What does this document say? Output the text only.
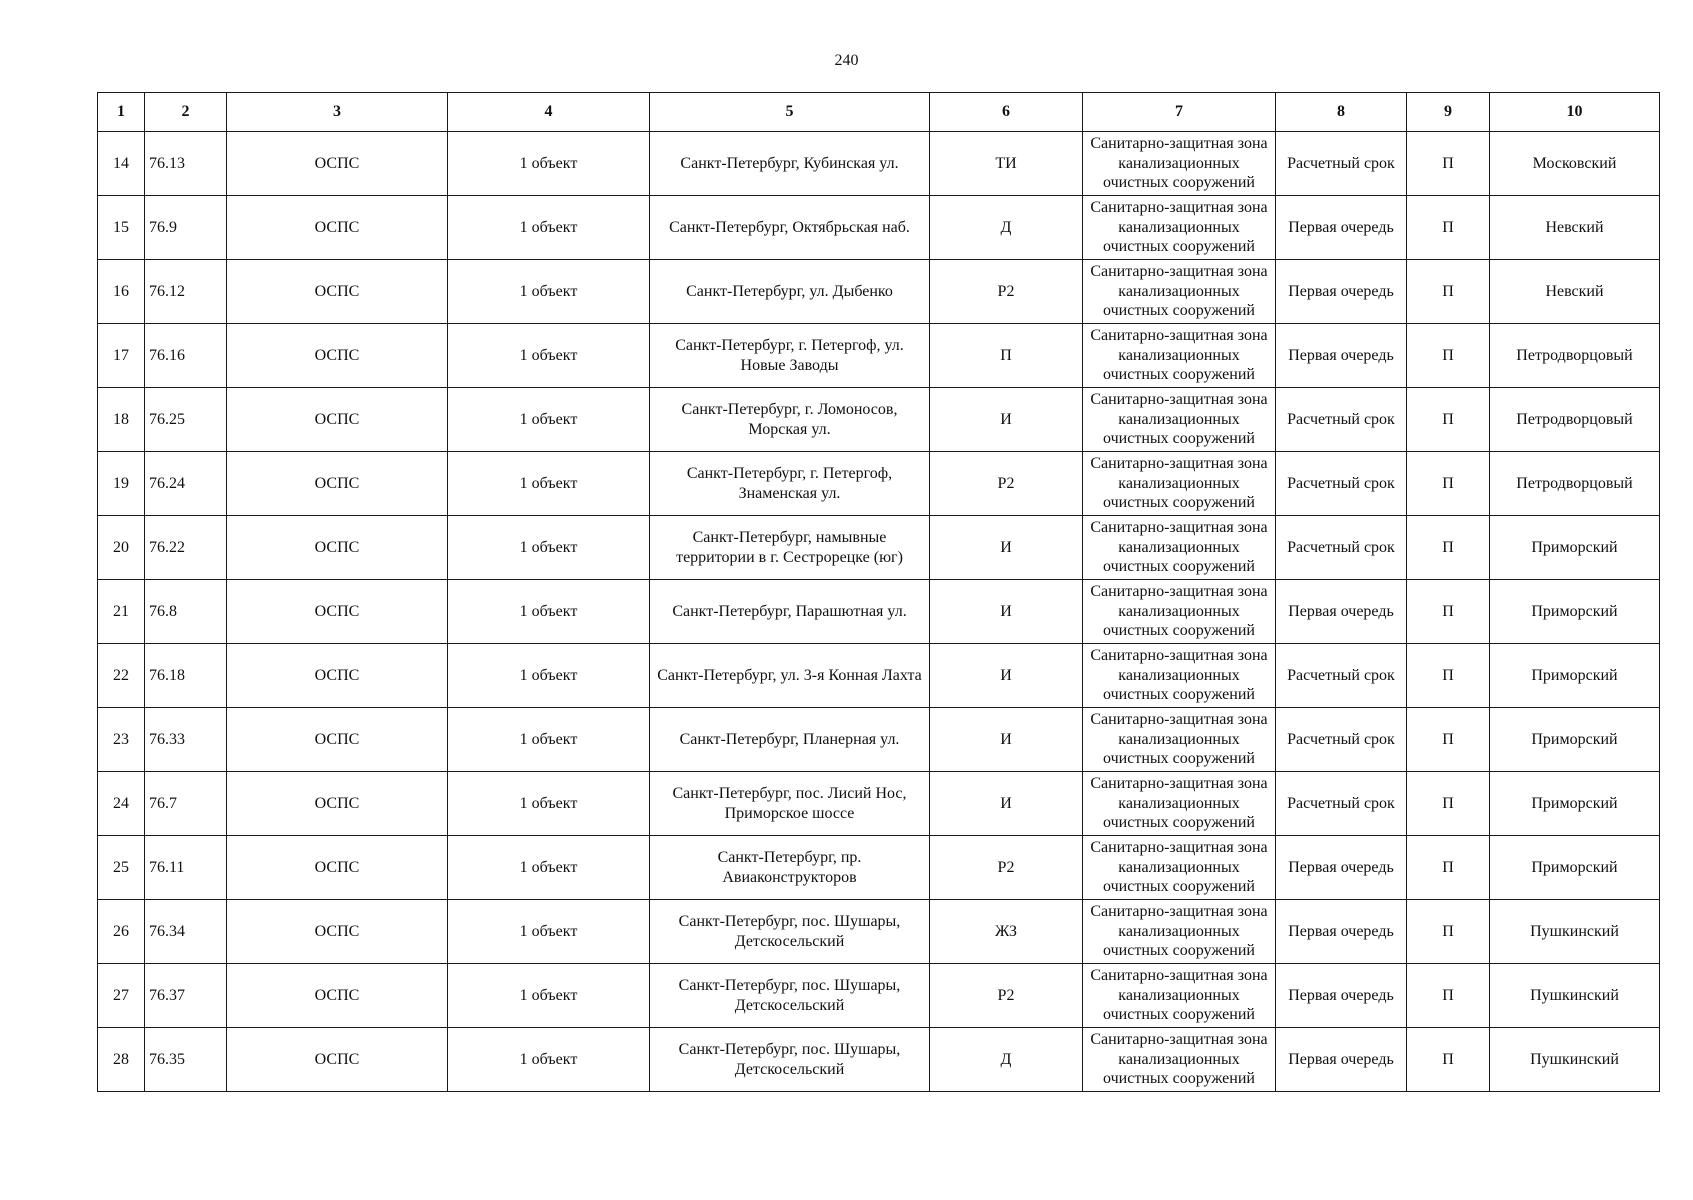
240
1	2	3	4	5	6	7	8	9	10
14	76.13	ОСПС	1 объект	Санкт-Петербург, Кубинская ул.	ТИ	Санитарно-защитная зона канализационных очистных сооружений	Расчетный срок	П	Московский
15	76.9	ОСПС	1 объект	Санкт-Петербург, Октябрьская наб.	Д	Санитарно-защитная зона канализационных очистных сооружений	Первая очередь	П	Невский
16	76.12	ОСПС	1 объект	Санкт-Петербург, ул. Дыбенко	Р2	Санитарно-защитная зона канализационных очистных сооружений	Первая очередь	П	Невский
17	76.16	ОСПС	1 объект	Санкт-Петербург, г. Петергоф, ул. Новые Заводы	П	Санитарно-защитная зона канализационных очистных сооружений	Первая очередь	П	Петродворцовый
18	76.25	ОСПС	1 объект	Санкт-Петербург, г. Ломоносов, Морская ул.	И	Санитарно-защитная зона канализационных очистных сооружений	Расчетный срок	П	Петродворцовый
19	76.24	ОСПС	1 объект	Санкт-Петербург, г. Петергоф, Знаменская ул.	Р2	Санитарно-защитная зона канализационных очистных сооружений	Расчетный срок	П	Петродворцовый
20	76.22	ОСПС	1 объект	Санкт-Петербург, намывные территории в г. Сестрорецке (юг)	И	Санитарно-защитная зона канализационных очистных сооружений	Расчетный срок	П	Приморский
21	76.8	ОСПС	1 объект	Санкт-Петербург, Парашютная ул.	И	Санитарно-защитная зона канализационных очистных сооружений	Первая очередь	П	Приморский
22	76.18	ОСПС	1 объект	Санкт-Петербург, ул. 3-я Конная Лахта	И	Санитарно-защитная зона канализационных очистных сооружений	Расчетный срок	П	Приморский
23	76.33	ОСПС	1 объект	Санкт-Петербург, Планерная ул.	И	Санитарно-защитная зона канализационных очистных сооружений	Расчетный срок	П	Приморский
24	76.7	ОСПС	1 объект	Санкт-Петербург, пос. Лисий Нос, Приморское шоссе	И	Санитарно-защитная зона канализационных очистных сооружений	Расчетный срок	П	Приморский
25	76.11	ОСПС	1 объект	Санкт-Петербург, пр. Авиаконструкторов	Р2	Санитарно-защитная зона канализационных очистных сооружений	Первая очередь	П	Приморский
26	76.34	ОСПС	1 объект	Санкт-Петербург, пос. Шушары, Детскосельский	ЖЗ	Санитарно-защитная зона канализационных очистных сооружений	Первая очередь	П	Пушкинский
27	76.37	ОСПС	1 объект	Санкт-Петербург, пос. Шушары, Детскосельский	Р2	Санитарно-защитная зона канализационных очистных сооружений	Первая очередь	П	Пушкинский
28	76.35	ОСПС	1 объект	Санкт-Петербург, пос. Шушары, Детскосельский	Д	Санитарно-защитная зона канализационных очистных сооружений	Первая очередь	П	Пушкинский
